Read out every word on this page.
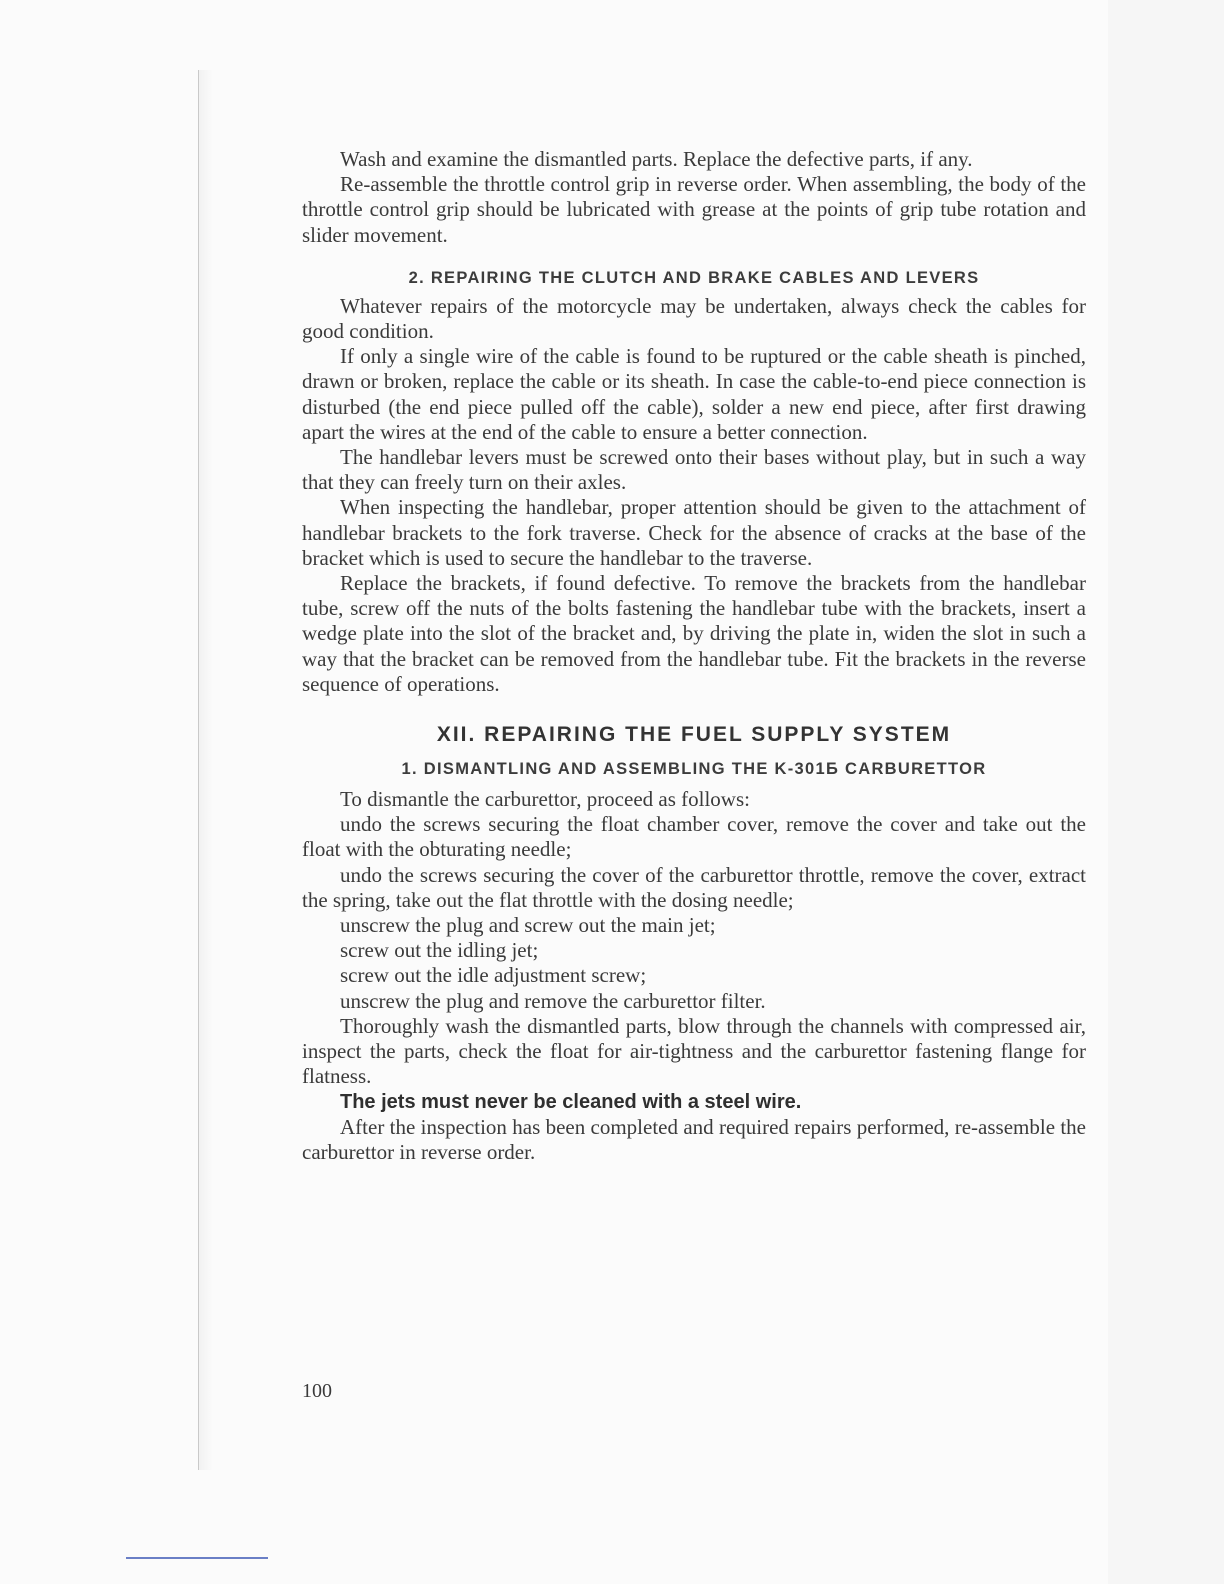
Wash and examine the dismantled parts. Replace the defective parts, if any.

Re-assemble the throttle control grip in reverse order. When assembling, the body of the throttle control grip should be lubricated with grease at the points of grip tube rotation and slider movement.

2. REPAIRING THE CLUTCH AND BRAKE CABLES AND LEVERS

Whatever repairs of the motorcycle may be undertaken, always check the cables for good condition.

If only a single wire of the cable is found to be ruptured or the cable sheath is pinched, drawn or broken, replace the cable or its sheath. In case the cable-to-end piece connection is disturbed (the end piece pulled off the cable), solder a new end piece, after first drawing apart the wires at the end of the cable to ensure a better connection.

The handlebar levers must be screwed onto their bases without play, but in such a way that they can freely turn on their axles.

When inspecting the handlebar, proper attention should be given to the attachment of handlebar brackets to the fork traverse. Check for the absence of cracks at the base of the bracket which is used to secure the handlebar to the traverse.

Replace the brackets, if found defective. To remove the brackets from the handlebar tube, screw off the nuts of the bolts fastening the handlebar tube with the brackets, insert a wedge plate into the slot of the bracket and, by driving the plate in, widen the slot in such a way that the bracket can be removed from the handlebar tube. Fit the brackets in the reverse sequence of operations.

XII. REPAIRING THE FUEL SUPPLY SYSTEM
1. DISMANTLING AND ASSEMBLING THE K-301Б CARBURETTOR

To dismantle the carburettor, proceed as follows:

undo the screws securing the float chamber cover, remove the cover and take out the float with the obturating needle;

undo the screws securing the cover of the carburettor throttle, remove the cover, extract the spring, take out the flat throttle with the dosing needle;

unscrew the plug and screw out the main jet;

screw out the idling jet;

screw out the idle adjustment screw;

unscrew the plug and remove the carburettor filter.

Thoroughly wash the dismantled parts, blow through the channels with compressed air, inspect the parts, check the float for air-tightness and the carburettor fastening flange for flatness.

The jets must never be cleaned with a steel wire.

After the inspection has been completed and required repairs performed, re-assemble the carburettor in reverse order.

100
